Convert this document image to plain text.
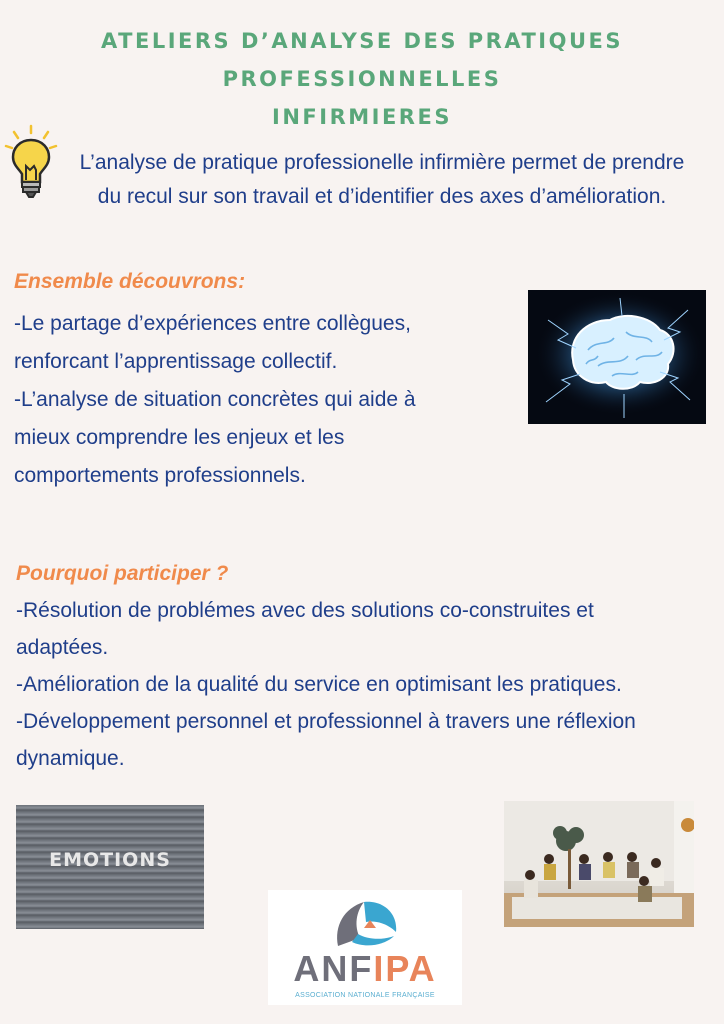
ATELIERS D’ANALYSE DES PRATIQUES PROFESSIONNELLES
INFIRMIERES
L’analyse de pratique professionelle infirmière permet de prendre
du recul sur son travail et d’identifier des axes d’amélioration.
Ensemble découvrons:
-Le partage d’expériences entre collègues,
renforcant l’apprentissage collectif.
-L’analyse de situation concrètes qui aide à
mieux comprendre les enjeux et les
comportements professionnels.
Pourquoi participer ?
-Résolution de problémes avec des solutions co-construites et
adaptées.
-Amélioration de la qualité du service en optimisant les pratiques.
-Développement personnel et professionnel à travers une réflexion
dynamique.
EMOTIONS
ANFIPA
ASSOCIATION NATIONALE FRANÇAISE
